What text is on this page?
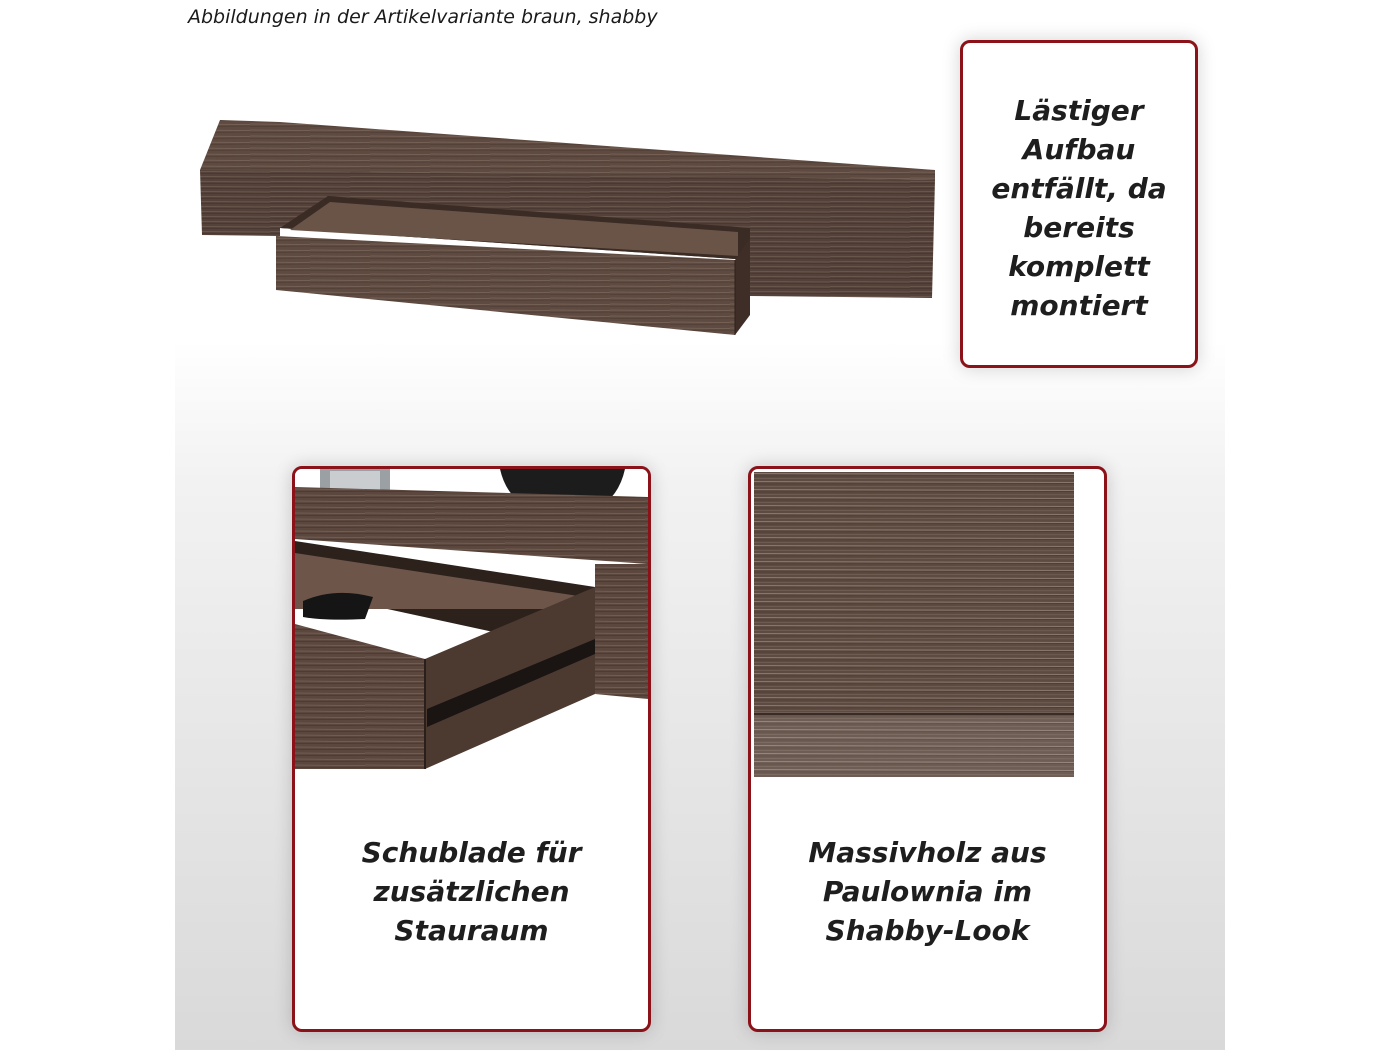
Abbildungen in der Artikelvariante braun, shabby
Lästiger
Aufbau
entfällt, da
bereits
komplett
montiert
Schublade für
zusätzlichen
Stauraum
Massivholz aus
Paulownia im
Shabby-Look
